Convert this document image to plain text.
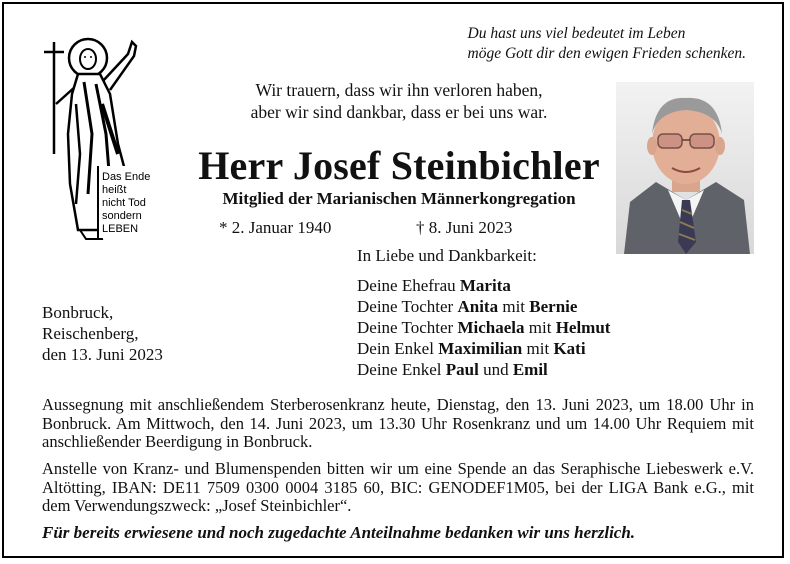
Das Ende
heißt
nicht Tod
sondern
LEBEN
Du hast uns viel bedeutet im Leben
möge Gott dir den ewigen Frieden schenken.
Wir trauern, dass wir ihn verloren haben,
aber wir sind dankbar, dass er bei uns war.
Herr Josef Steinbichler
Mitglied der Marianischen Männerkongregation
* 2. Januar 1940	† 8. Juni 2023
In Liebe und Dankbarkeit:
Deine Ehefrau Marita
Deine Tochter Anita mit Bernie
Deine Tochter Michaela mit Helmut
Dein Enkel Maximilian mit Kati
Deine Enkel Paul und Emil
Bonbruck,
Reischenberg,
den 13. Juni 2023
Aussegnung mit anschließendem Sterberosenkranz heute, Dienstag, den 13. Juni 2023, um 18.00 Uhr in Bonbruck. Am Mittwoch, den 14. Juni 2023, um 13.30 Uhr Rosenkranz und um 14.00 Uhr Requiem mit anschließender Beerdigung in Bonbruck.
Anstelle von Kranz- und Blumenspenden bitten wir um eine Spende an das Seraphische Liebeswerk e.V. Altötting, IBAN: DE11 7509 0300 0004 3185 60, BIC: GENODEF1M05, bei der LIGA Bank e.G., mit dem Verwendungszweck: „Josef Steinbichler“.
Für bereits erwiesene und noch zugedachte Anteilnahme bedanken wir uns herzlich.
